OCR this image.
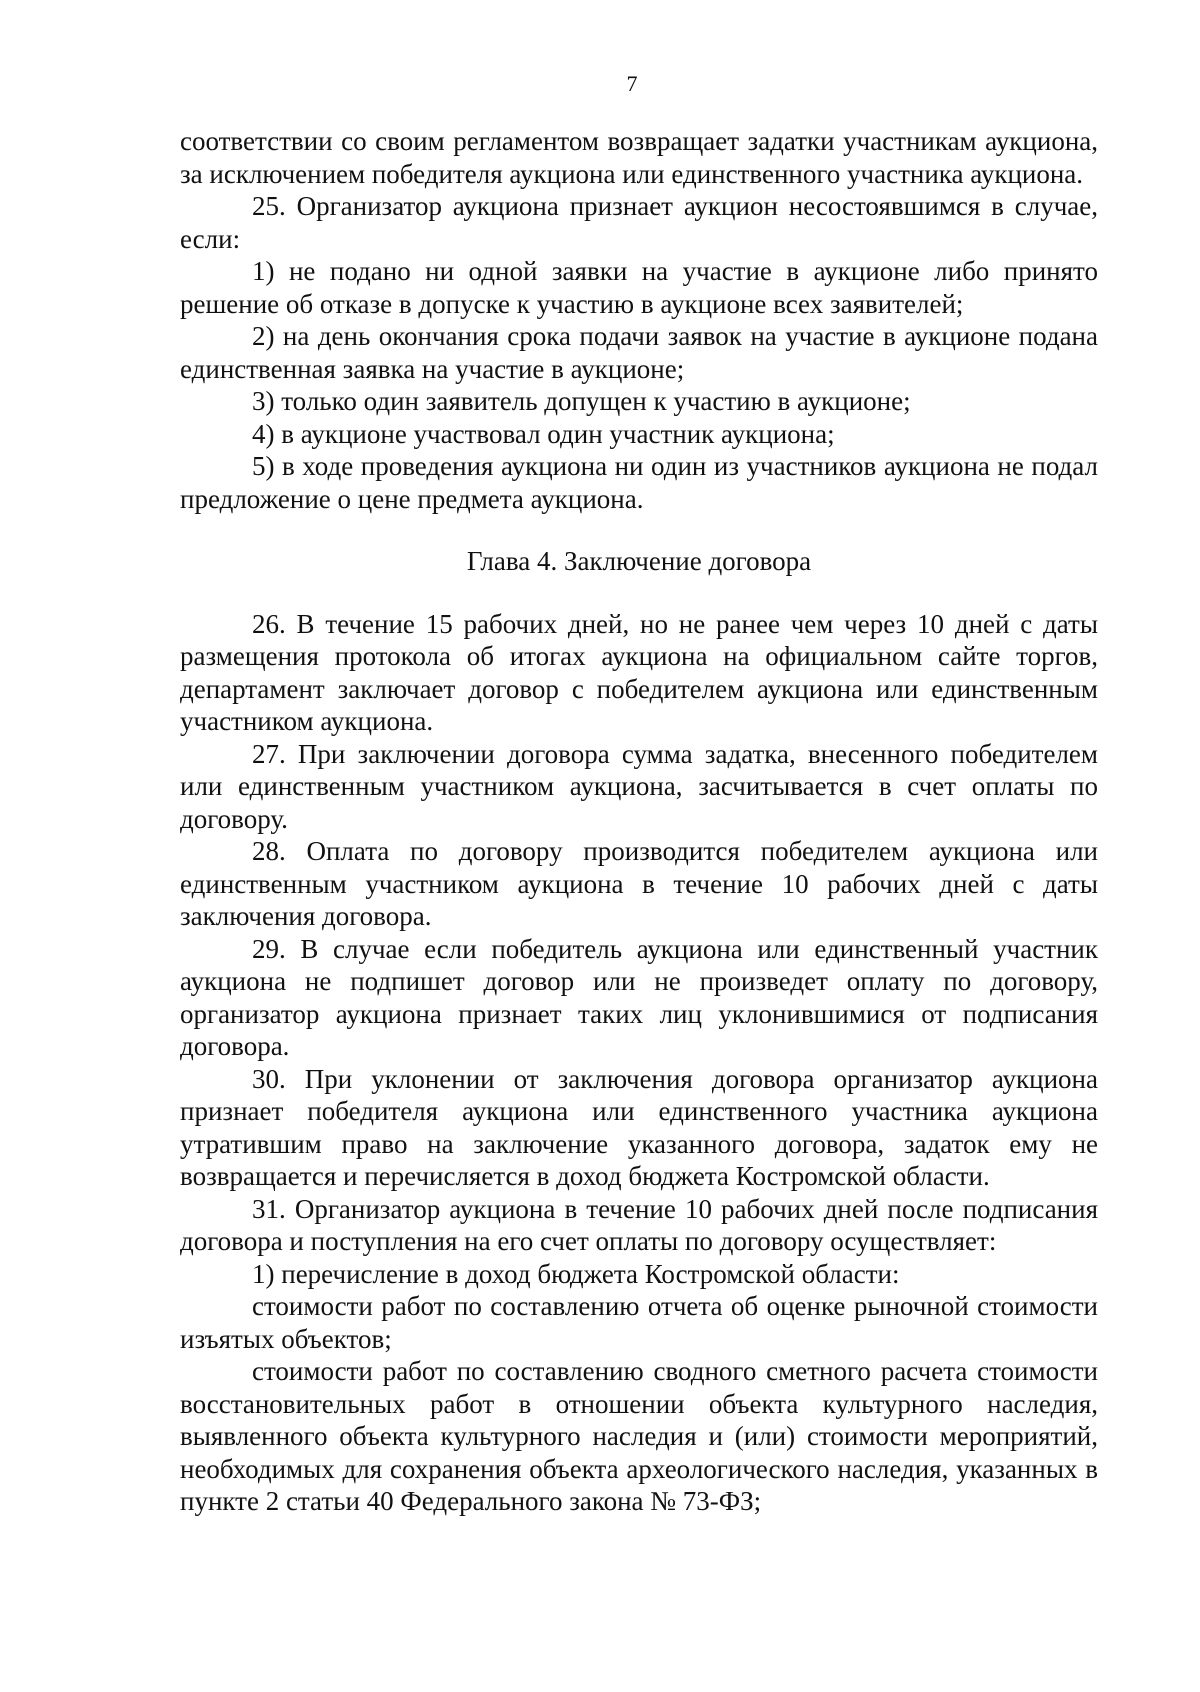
7

соответствии со своим регламентом возвращает задатки участникам аукциона, за исключением победителя аукциона или единственного участника аукциона.

25. Организатор аукциона признает аукцион несостоявшимся в случае, если:

1) не подано ни одной заявки на участие в аукционе либо принято решение об отказе в допуске к участию в аукционе всех заявителей;

2) на день окончания срока подачи заявок на участие в аукционе подана единственная заявка на участие в аукционе;

3) только один заявитель допущен к участию в аукционе;

4) в аукционе участвовал один участник аукциона;

5) в ходе проведения аукциона ни один из участников аукциона не подал предложение о цене предмета аукциона.

Глава 4. Заключение договора

26. В течение 15 рабочих дней, но не ранее чем через 10 дней с даты размещения протокола об итогах аукциона на официальном сайте торгов, департамент заключает договор с победителем аукциона или единственным участником аукциона.

27. При заключении договора сумма задатка, внесенного победителем или единственным участником аукциона, засчитывается в счет оплаты по договору.

28. Оплата по договору производится победителем аукциона или единственным участником аукциона в течение 10 рабочих дней с даты заключения договора.

29. В случае если победитель аукциона или единственный участник аукциона не подпишет договор или не произведет оплату по договору, организатор аукциона признает таких лиц уклонившимися от подписания договора.

30. При уклонении от заключения договора организатор аукциона признает победителя аукциона или единственного участника аукциона утратившим право на заключение указанного договора, задаток ему не возвращается и перечисляется в доход бюджета Костромской области.

31. Организатор аукциона в течение 10 рабочих дней после подписания договора и поступления на его счет оплаты по договору осуществляет:

1) перечисление в доход бюджета Костромской области:

стоимости работ по составлению отчета об оценке рыночной стоимости изъятых объектов;

стоимости работ по составлению сводного сметного расчета стоимости восстановительных работ в отношении объекта культурного наследия, выявленного объекта культурного наследия и (или) стоимости мероприятий, необходимых для сохранения объекта археологического наследия, указанных в пункте 2 статьи 40 Федерального закона № 73-ФЗ;
